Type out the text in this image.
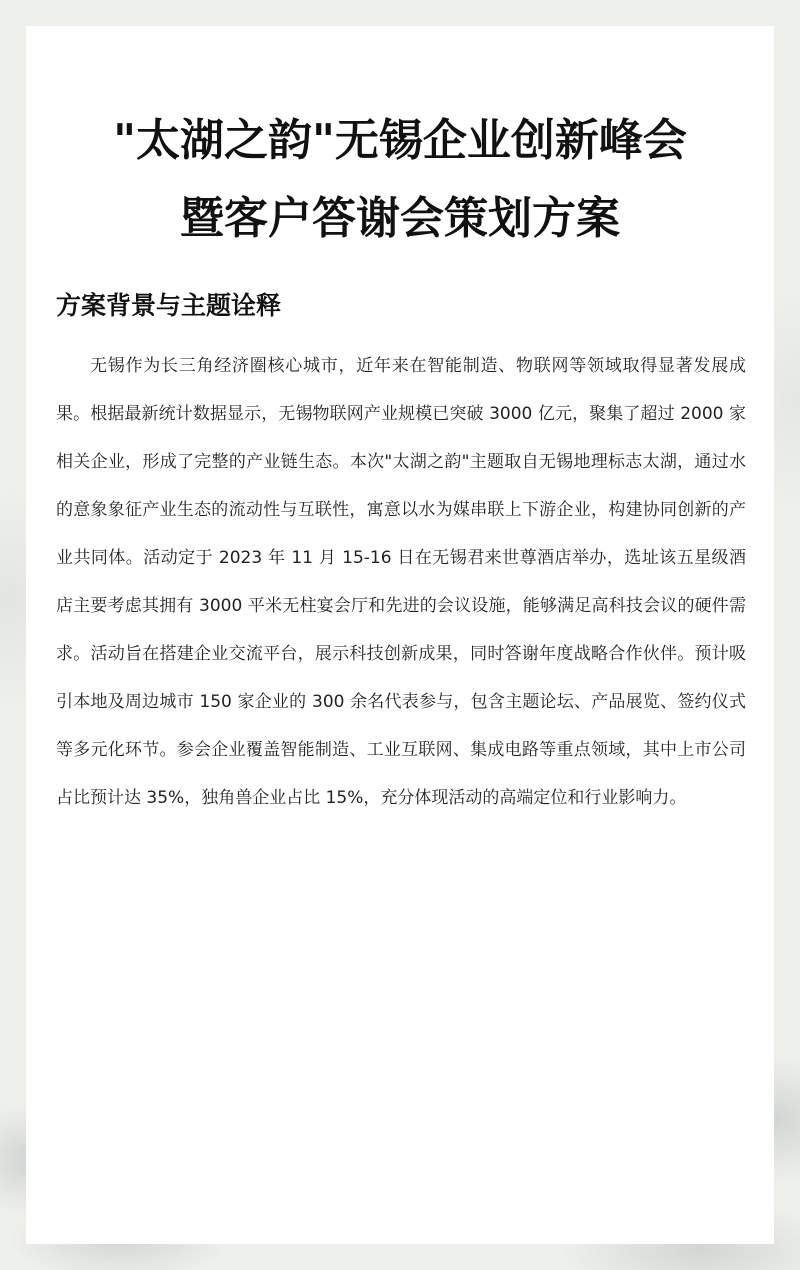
"太湖之韵"无锡企业创新峰会
暨客户答谢会策划方案
方案背景与主题诠释

无锡作为长三角经济圈核心城市，近年来在智能制造、物联网等领域取得显著发展成果。根据最新统计数据显示，无锡物联网产业规模已突破 3000 亿元，聚集了超过 2000 家相关企业，形成了完整的产业链生态。本次"太湖之韵"主题取自无锡地理标志太湖，通过水的意象象征产业生态的流动性与互联性，寓意以水为媒串联上下游企业，构建协同创新的产业共同体。活动定于 2023 年 11 月 15-16 日在无锡君来世尊酒店举办，选址该五星级酒店主要考虑其拥有 3000 平米无柱宴会厅和先进的会议设施，能够满足高科技会议的硬件需求。活动旨在搭建企业交流平台，展示科技创新成果，同时答谢年度战略合作伙伴。预计吸引本地及周边城市 150 家企业的 300 余名代表参与，包含主题论坛、产品展览、签约仪式等多元化环节。参会企业覆盖智能制造、工业互联网、集成电路等重点领域，其中上市公司占比预计达 35%，独角兽企业占比 15%，充分体现活动的高端定位和行业影响力。
